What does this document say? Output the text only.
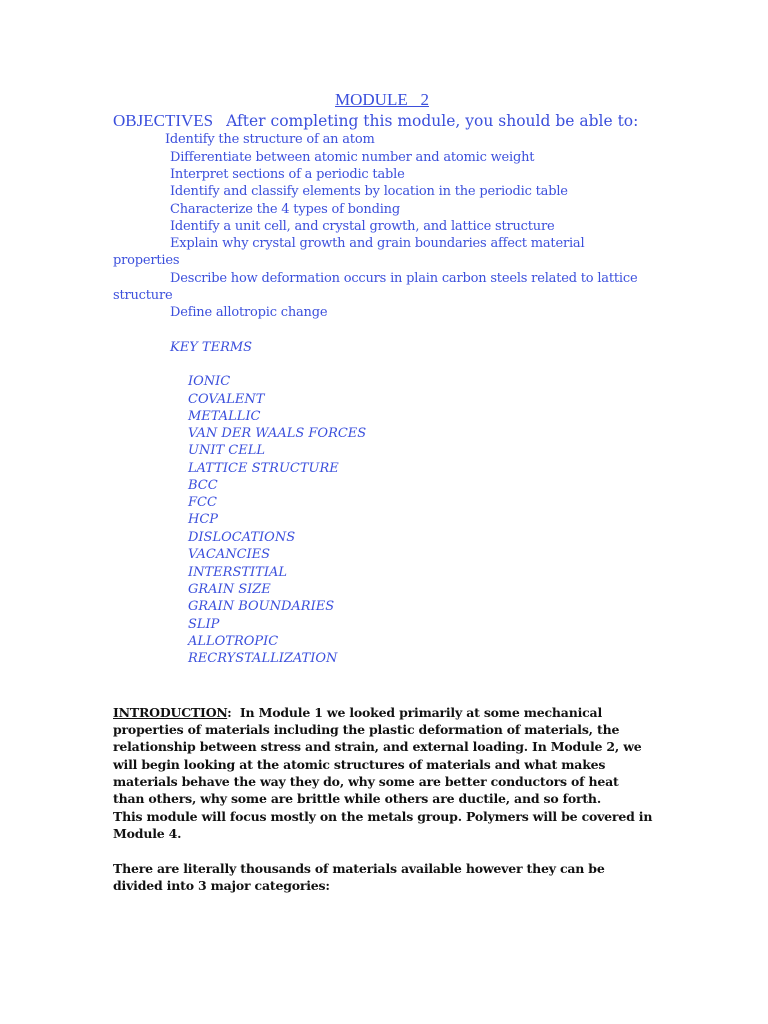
MODULE   2
OBJECTIVES After completing this module, you should be able to:
Identify the structure of an atom
Differentiate between atomic number and atomic weight
Interpret sections of a periodic table
Identify and classify elements by location in the periodic table
Characterize the 4 types of bonding
Identify a unit cell, and crystal growth, and lattice structure
Explain why crystal growth and grain boundaries affect material
properties
Describe how deformation occurs in plain carbon steels related to lattice
structure
Define allotropic change
KEY TERMS
IONIC
COVALENT
METALLIC
VAN DER WAALS FORCES
UNIT CELL
LATTICE STRUCTURE
BCC
FCC
HCP
DISLOCATIONS
VACANCIES
INTERSTITIAL
GRAIN SIZE
GRAIN BOUNDARIES
SLIP
ALLOTROPIC
RECRYSTALLIZATION
INTRODUCTION: In Module 1 we looked primarily at some mechanical properties of materials including the plastic deformation of materials, the relationship between stress and strain, and external loading. In Module 2, we will begin looking at the atomic structures of materials and what makes materials behave the way they do, why some are better conductors of heat than others, why some are brittle while others are ductile, and so forth.
This module will focus mostly on the metals group. Polymers will be covered in Module 4.
There are literally thousands of materials available however they can be divided into 3 major categories:
